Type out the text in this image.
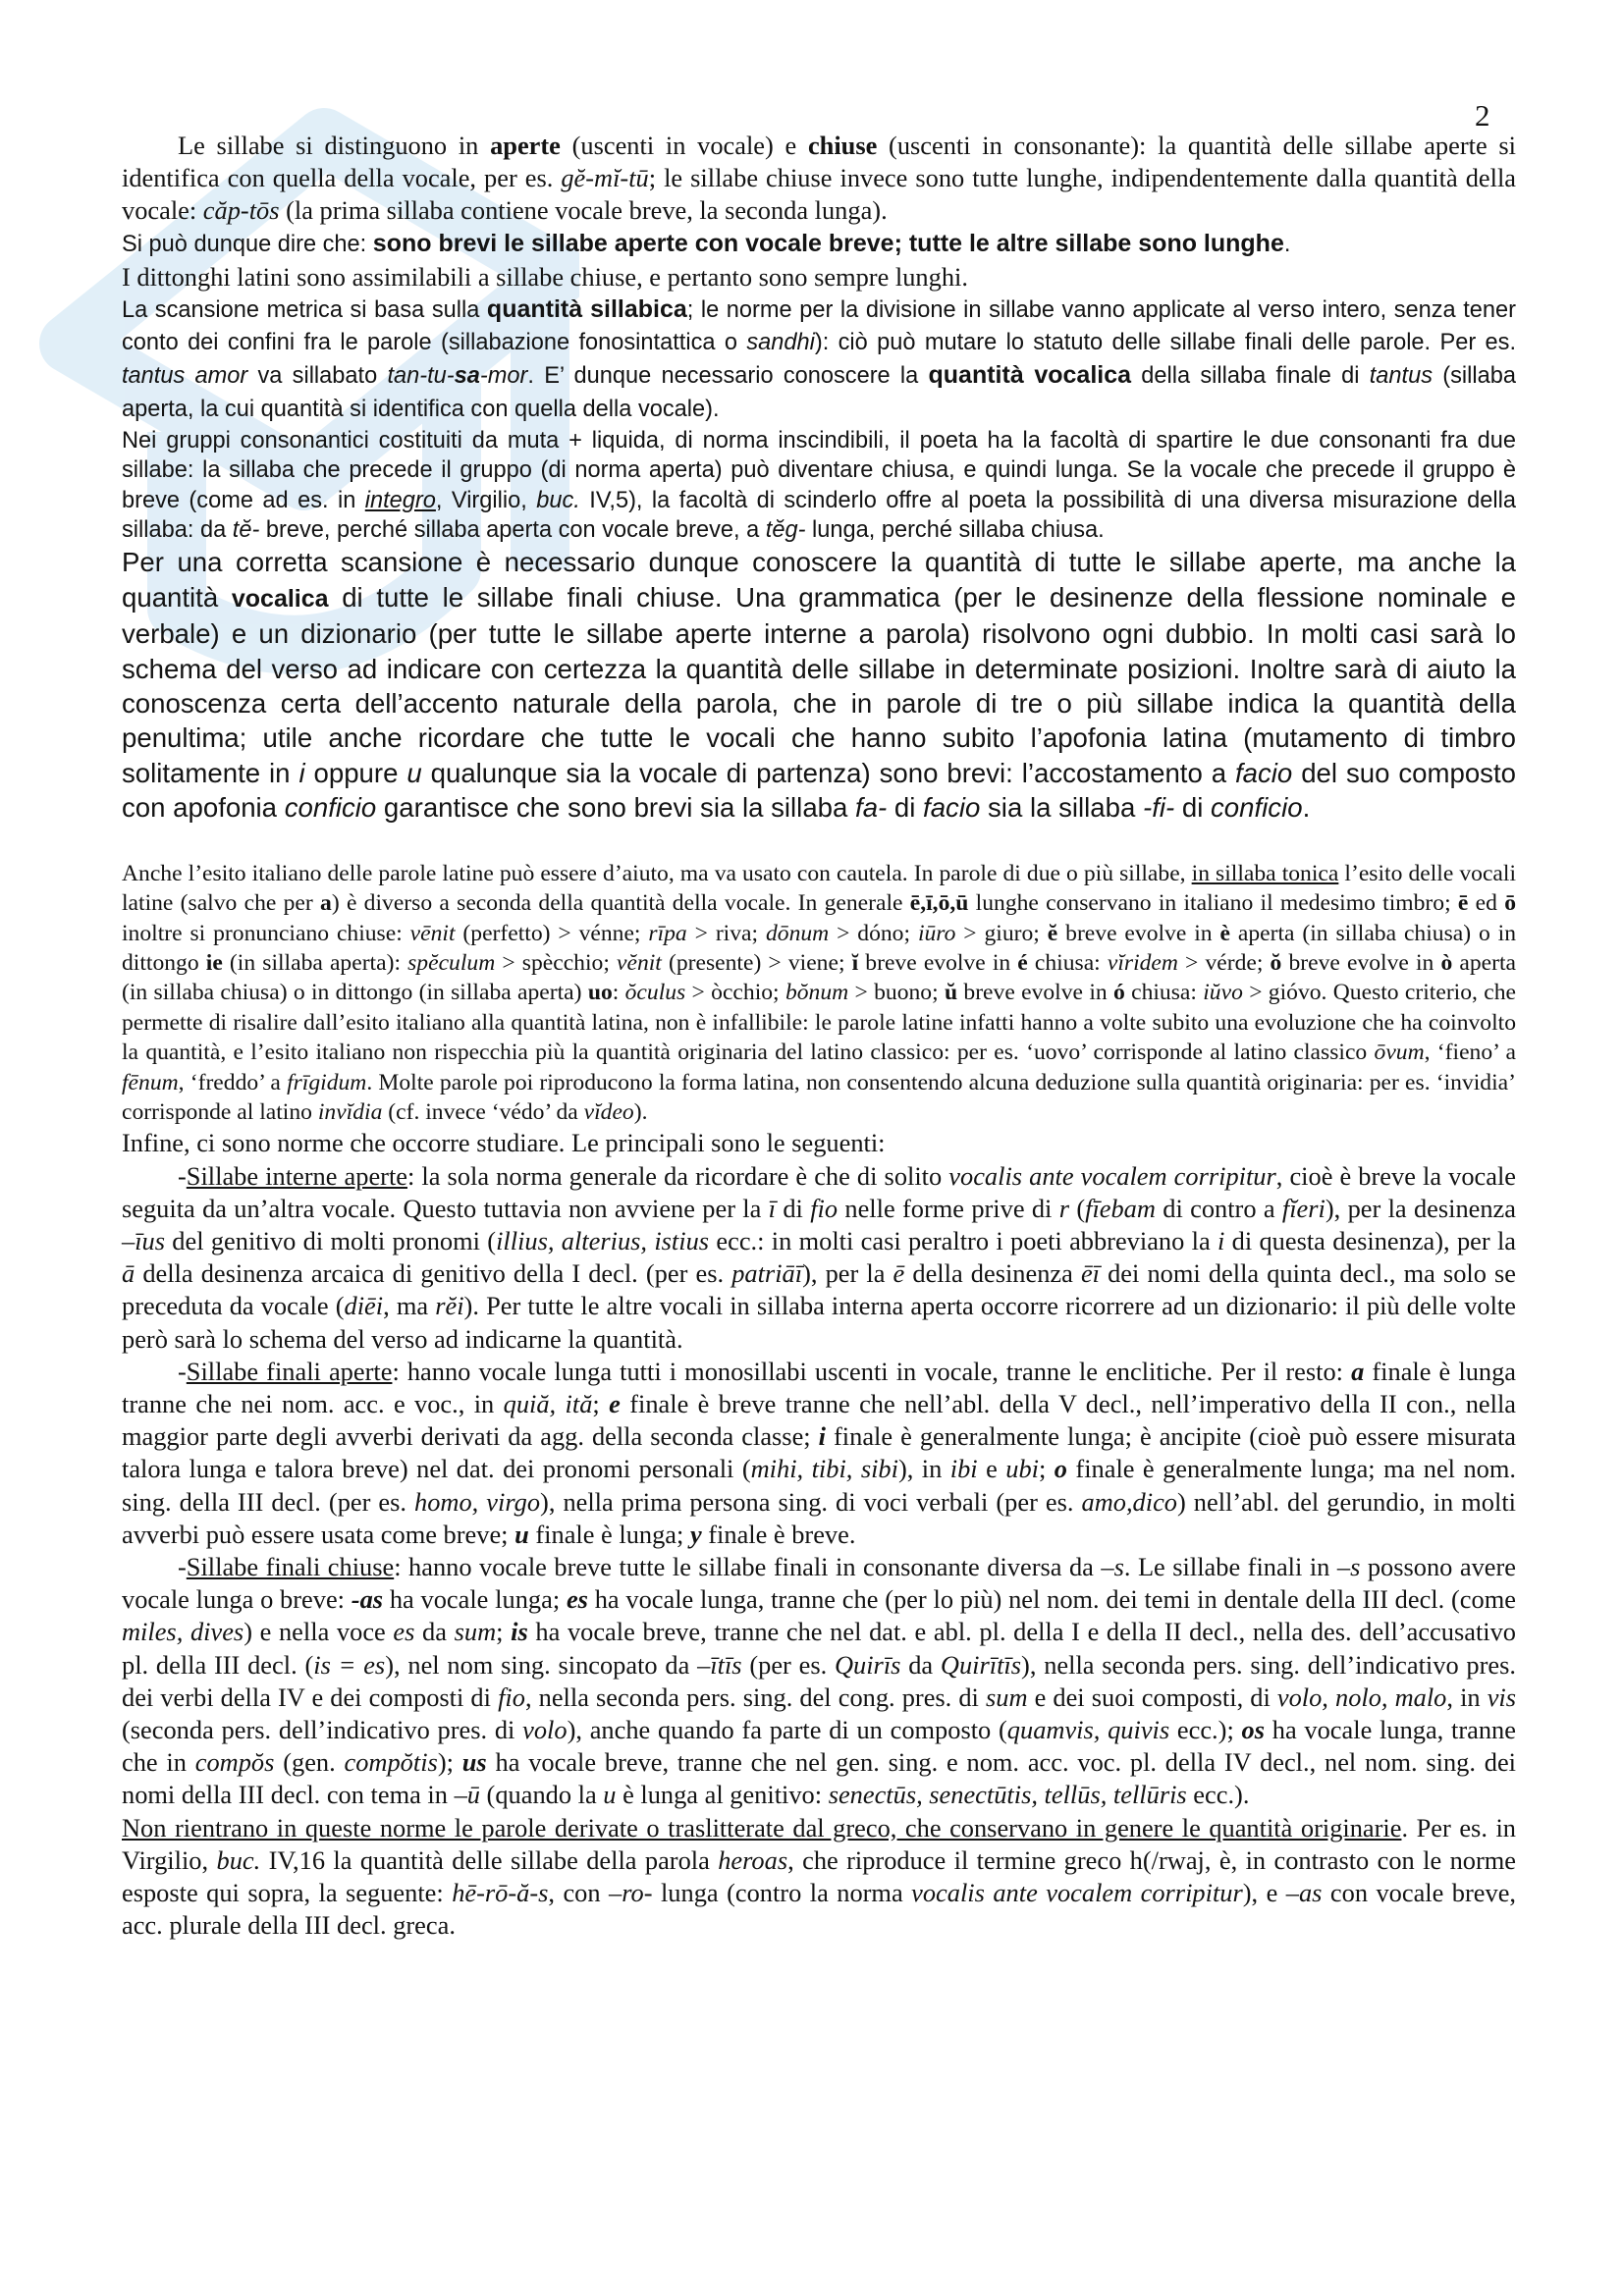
2

Le sillabe si distinguono in aperte (uscenti in vocale) e chiuse (uscenti in consonante): la quantità delle sillabe aperte si identifica con quella della vocale, per es. gĕ-mĭ-tū; le sillabe chiuse invece sono tutte lunghe, indipendentemente dalla quantità della vocale: căp-tōs (la prima sillaba contiene vocale breve, la seconda lunga).

Si può dunque dire che: sono brevi le sillabe aperte con vocale breve; tutte le altre sillabe sono lunghe.

I dittonghi latini sono assimilabili a sillabe chiuse, e pertanto sono sempre lunghi.

La scansione metrica si basa sulla quantità sillabica; le norme per la divisione in sillabe vanno applicate al verso intero, senza tener conto dei confini fra le parole (sillabazione fonosintattica o sandhi): ciò può mutare lo statuto delle sillabe finali delle parole. Per es. tantus amor va sillabato tan-tu-sa-mor. E’ dunque necessario conoscere la quantità vocalica della sillaba finale di tantus (sillaba aperta, la cui quantità si identifica con quella della vocale).

Nei gruppi consonantici costituiti da muta + liquida, di norma inscindibili, il poeta ha la facoltà di spartire le due consonanti fra due sillabe: la sillaba che precede il gruppo (di norma aperta) può diventare chiusa, e quindi lunga. Se la vocale che precede il gruppo è breve (come ad es. in integro, Virgilio, buc. IV,5), la facoltà di scinderlo offre al poeta la possibilità di una diversa misurazione della sillaba: da tĕ- breve, perché sillaba aperta con vocale breve, a tĕg- lunga, perché sillaba chiusa.

Per una corretta scansione è necessario dunque conoscere la quantità di tutte le sillabe aperte, ma anche la quantità vocalica di tutte le sillabe finali chiuse. Una grammatica (per le desinenze della flessione nominale e verbale) e un dizionario (per tutte le sillabe aperte interne a parola) risolvono ogni dubbio. In molti casi sarà lo schema del verso ad indicare con certezza la quantità delle sillabe in determinate posizioni. Inoltre sarà di aiuto la conoscenza certa dell’accento naturale della parola, che in parole di tre o più sillabe indica la quantità della penultima; utile anche ricordare che tutte le vocali che hanno subito l’apofonia latina (mutamento di timbro solitamente in i oppure u qualunque sia la vocale di partenza) sono brevi: l’accostamento a facio del suo composto con apofonia conficio garantisce che sono brevi sia la sillaba fa- di facio sia la sillaba -fi- di conficio.

Anche l’esito italiano delle parole latine può essere d’aiuto, ma va usato con cautela. In parole di due o più sillabe, in sillaba tonica l’esito delle vocali latine (salvo che per a) è diverso a seconda della quantità della vocale. In generale ē,ī,ō,ū lunghe conservano in italiano il medesimo timbro; ē ed ō inoltre si pronunciano chiuse: vēnit (perfetto) > vénne; rīpa > riva; dōnum > dóno; iūro > giuro; ĕ breve evolve in è aperta (in sillaba chiusa) o in dittongo ie (in sillaba aperta): spĕculum > spècchio; vĕnit (presente) > viene; ĭ breve evolve in é chiusa: vĭridem > vérde; ŏ breve evolve in ò aperta (in sillaba chiusa) o in dittongo (in sillaba aperta) uo: ŏculus > òcchio; bŏnum > buono; ŭ breve evolve in ó chiusa: iŭvo > gióvo. Questo criterio, che permette di risalire dall’esito italiano alla quantità latina, non è infallibile: le parole latine infatti hanno a volte subito una evoluzione che ha coinvolto la quantità, e l’esito italiano non rispecchia più la quantità originaria del latino classico: per es. ‘uovo’ corrisponde al latino classico ōvum, ‘fieno’ a fēnum, ‘freddo’ a frīgidum. Molte parole poi riproducono la forma latina, non consentendo alcuna deduzione sulla quantità originaria: per es. ‘invidia’ corrisponde al latino invĭdia (cf. invece ‘védo’ da vĭdeo).

Infine, ci sono norme che occorre studiare. Le principali sono le seguenti:

-Sillabe interne aperte: la sola norma generale da ricordare è che di solito vocalis ante vocalem corripitur, cioè è breve la vocale seguita da un’altra vocale. Questo tuttavia non avviene per la ī di fio nelle forme prive di r (fīebam di contro a fĭeri), per la desinenza –īus del genitivo di molti pronomi (illius, alterius, istius ecc.: in molti casi peraltro i poeti abbreviano la i di questa desinenza), per la ā della desinenza arcaica di genitivo della I decl. (per es. patriāī), per la ē della desinenza ēī dei nomi della quinta decl., ma solo se preceduta da vocale (diēi, ma rĕi). Per tutte le altre vocali in sillaba interna aperta occorre ricorrere ad un dizionario: il più delle volte però sarà lo schema del verso ad indicarne la quantità.

-Sillabe finali aperte: hanno vocale lunga tutti i monosillabi uscenti in vocale, tranne le enclitiche. Per il resto: a finale è lunga tranne che nei nom. acc. e voc., in quiă, ită; e finale è breve tranne che nell’abl. della V decl., nell’imperativo della II con., nella maggior parte degli avverbi derivati da agg. della seconda classe; i finale è generalmente lunga; è ancipite (cioè può essere misurata talora lunga e talora breve) nel dat. dei pronomi personali (mihi, tibi, sibi), in ibi e ubi; o finale è generalmente lunga; ma nel nom. sing. della III decl. (per es. homo, virgo), nella prima persona sing. di voci verbali (per es. amo,dico) nell’abl. del gerundio, in molti avverbi può essere usata come breve; u finale è lunga; y finale è breve.

-Sillabe finali chiuse: hanno vocale breve tutte le sillabe finali in consonante diversa da –s. Le sillabe finali in –s possono avere vocale lunga o breve: -as ha vocale lunga; es ha vocale lunga, tranne che (per lo più) nel nom. dei temi in dentale della III decl. (come miles, dives) e nella voce es da sum; is ha vocale breve, tranne che nel dat. e abl. pl. della I e della II decl., nella des. dell’accusativo pl. della III decl. (is = es), nel nom sing. sincopato da –ītīs (per es. Quirīs da Quirītīs), nella seconda pers. sing. dell’indicativo pres. dei verbi della IV e dei composti di fio, nella seconda pers. sing. del cong. pres. di sum e dei suoi composti, di volo, nolo, malo, in vis (seconda pers. dell’indicativo pres. di volo), anche quando fa parte di un composto (quamvis, quivis ecc.); os ha vocale lunga, tranne che in compŏs (gen. compŏtis); us ha vocale breve, tranne che nel gen. sing. e nom. acc. voc. pl. della IV decl., nel nom. sing. dei nomi della III decl. con tema in –ū (quando la u è lunga al genitivo: senectūs, senectūtis, tellūs, tellūris ecc.).

Non rientrano in queste norme le parole derivate o traslitterate dal greco, che conservano in genere le quantità originarie. Per es. in Virgilio, buc. IV,16 la quantità delle sillabe della parola heroas, che riproduce il termine greco h(/rwaj, è, in contrasto con le norme esposte qui sopra, la seguente: hē-rō-ă-s, con –ro- lunga (contro la norma vocalis ante vocalem corripitur), e –as con vocale breve, acc. plurale della III decl. greca.
